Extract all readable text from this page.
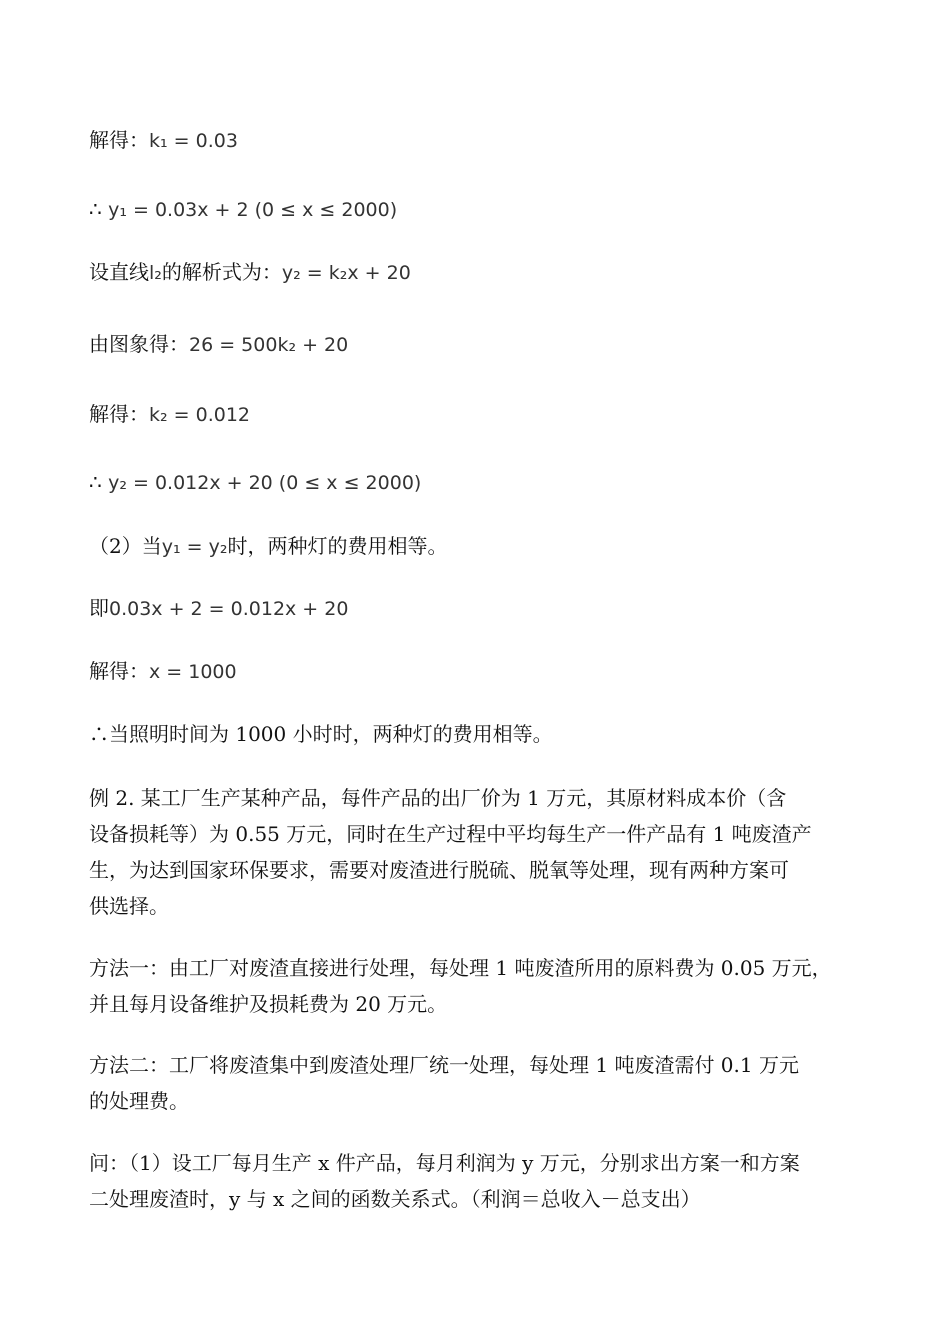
解得：k₁ = 0.03
∴ y₁ = 0.03x + 2 (0 ≤ x ≤ 2000)
设直线l₂的解析式为：y₂ = k₂x + 20
由图象得：26 = 500k₂ + 20
解得：k₂ = 0.012
∴ y₂ = 0.012x + 20 (0 ≤ x ≤ 2000)
（2）当y₁ = y₂时，两种灯的费用相等。
即0.03x + 2 = 0.012x + 20
解得：x = 1000
∴当照明时间为 1000 小时时，两种灯的费用相等。
例 2. 某工厂生产某种产品，每件产品的出厂价为 1 万元，其原材料成本价（含
设备损耗等）为 0.55 万元，同时在生产过程中平均每生产一件产品有 1 吨废渣产
生，为达到国家环保要求，需要对废渣进行脱硫、脱氧等处理，现有两种方案可
供选择。
方法一：由工厂对废渣直接进行处理，每处理 1 吨废渣所用的原料费为 0.05 万元，
并且每月设备维护及损耗费为 20 万元。
方法二：工厂将废渣集中到废渣处理厂统一处理，每处理 1 吨废渣需付 0.1 万元
的处理费。
问：（1）设工厂每月生产 x 件产品，每月利润为 y 万元，分别求出方案一和方案
二处理废渣时，y 与 x 之间的函数关系式。（利润＝总收入－总支出）
